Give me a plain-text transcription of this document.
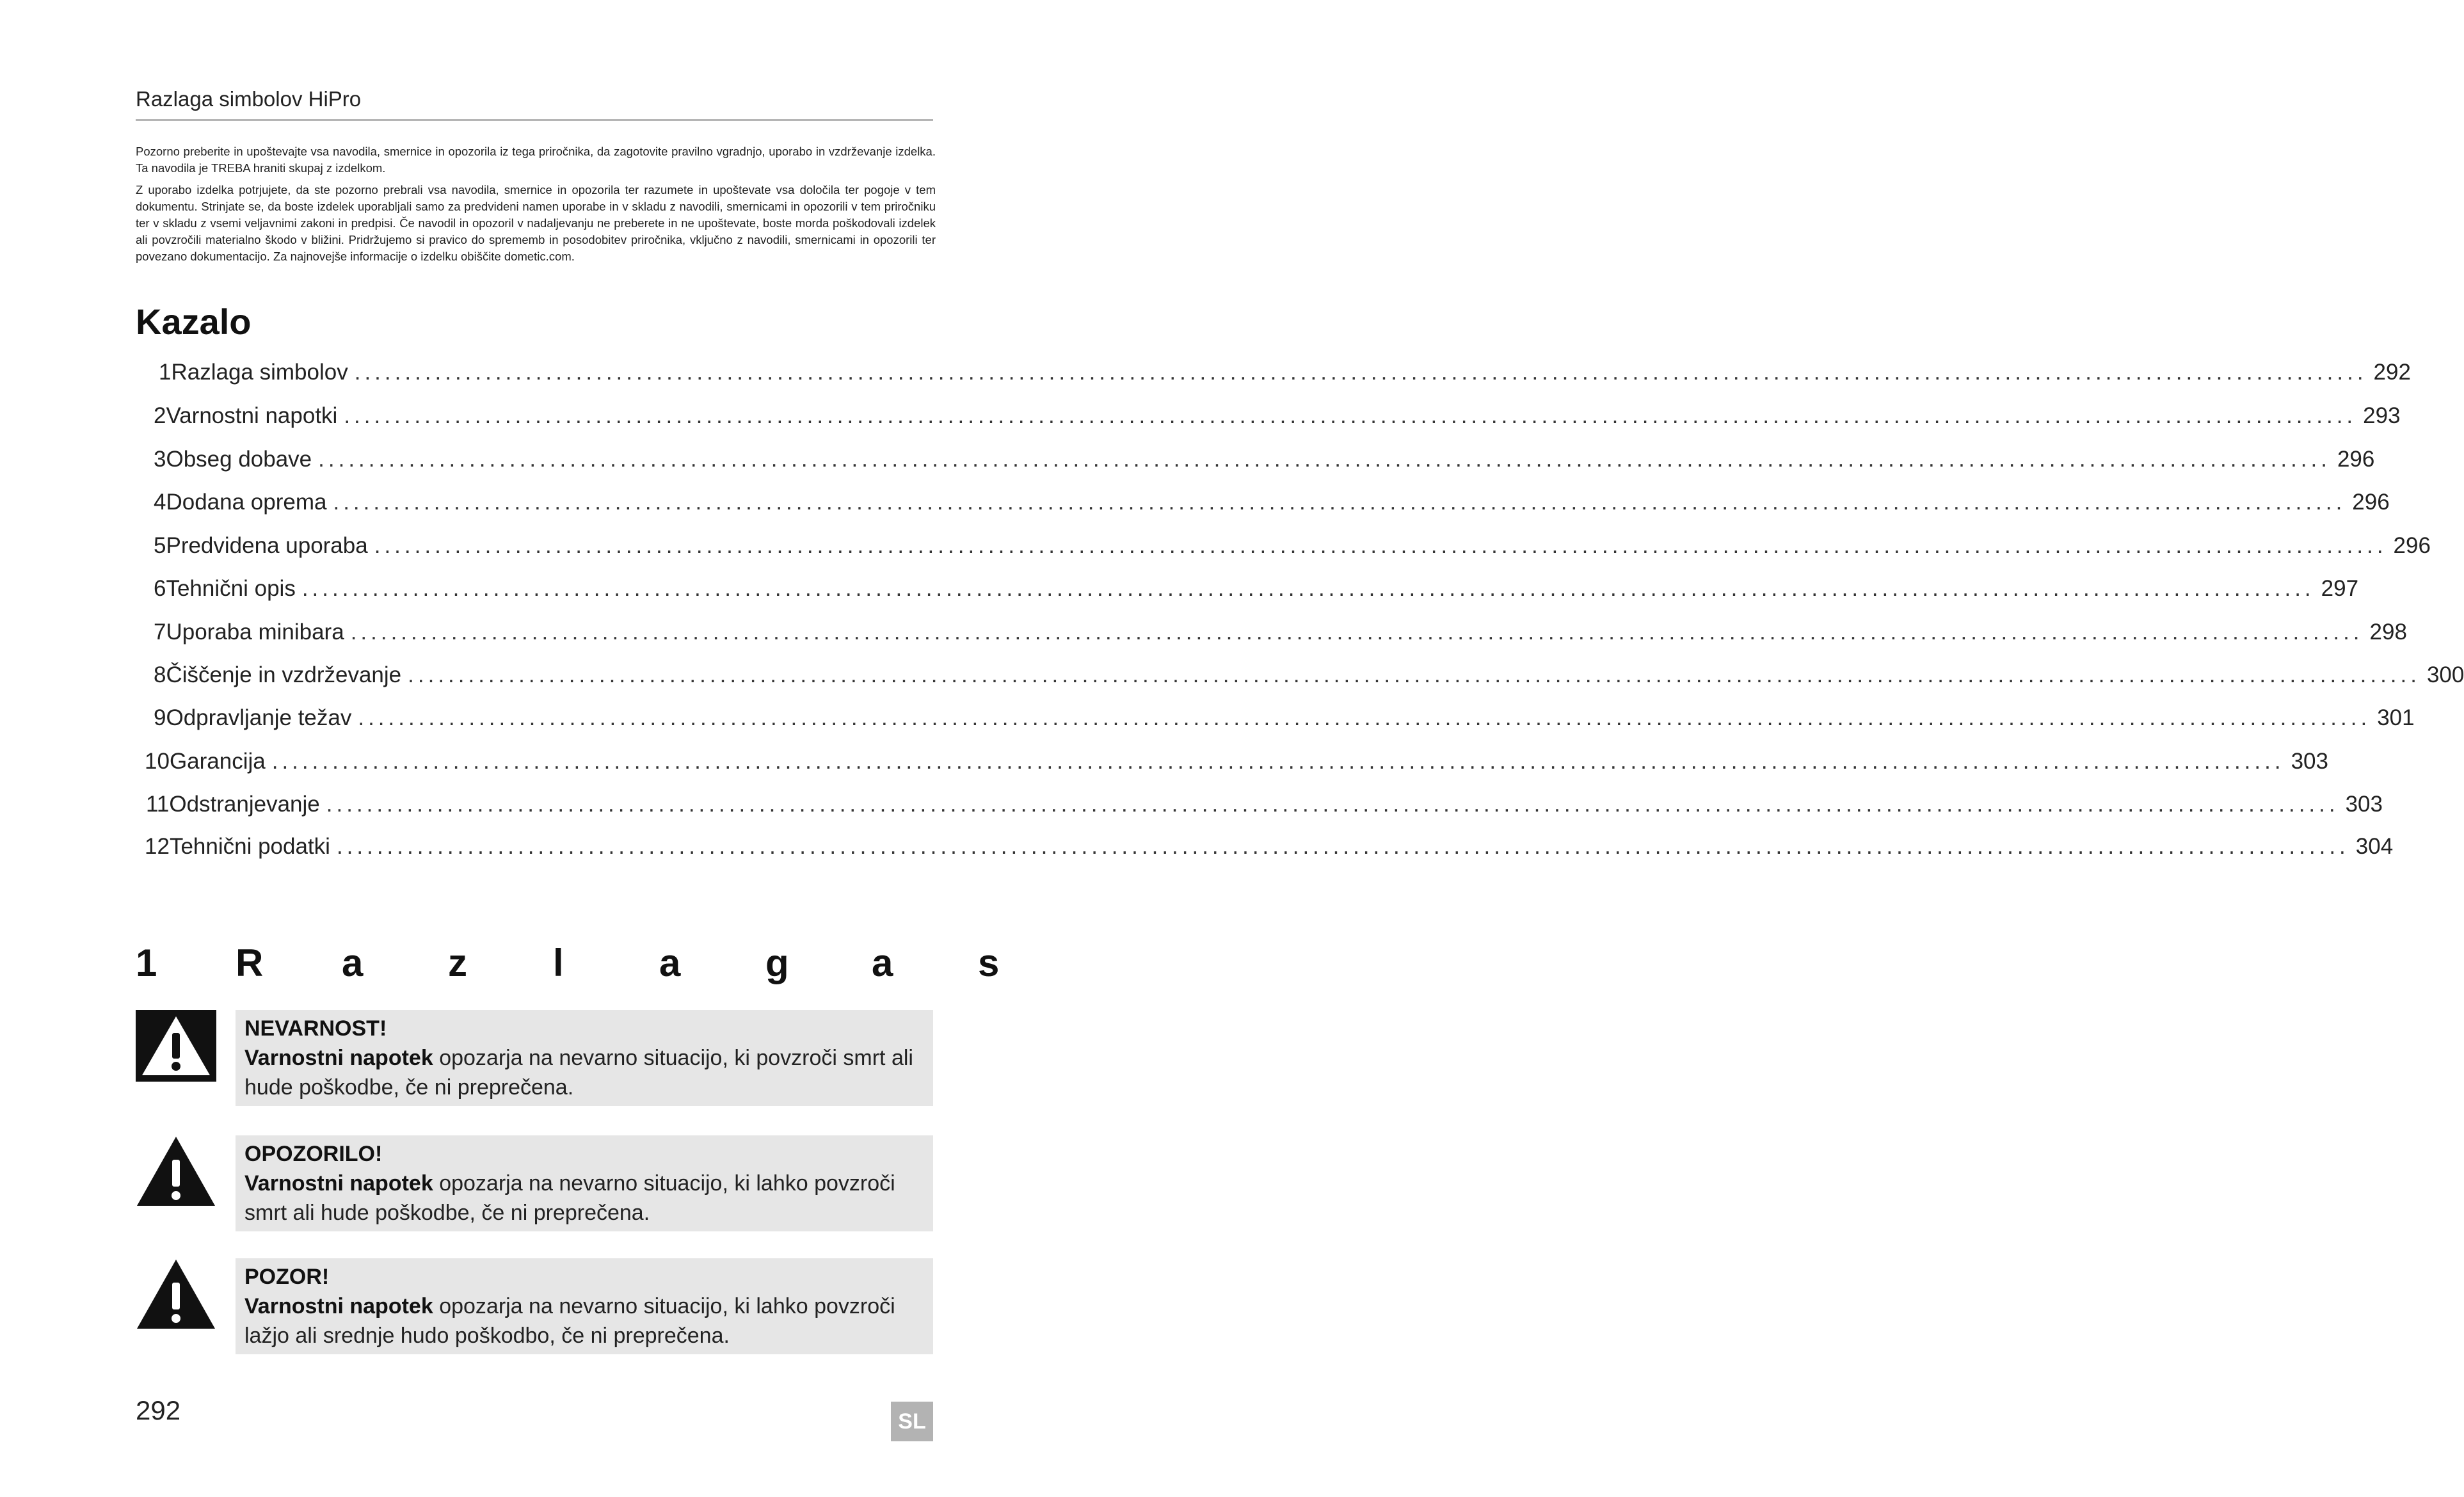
Razlaga simbolov HiPro

Pozorno preberite in upoštevajte vsa navodila, smernice in opozorila iz tega priročnika, da zagotovite pravilno vgradnjo, uporabo in vzdrževanje izdelka. Ta navodila je TREBA hraniti skupaj z izdelkom.

Z uporabo izdelka potrjujete, da ste pozorno prebrali vsa navodila, smernice in opozorila ter razumete in upoštevate vsa določila ter pogoje v tem dokumentu. Strinjate se, da boste izdelek uporabljali samo za predvideni namen uporabe in v skladu z navodili, smernicami in opozorili v tem priročniku ter v skladu z vsemi veljavnimi zakoni in predpisi. Če navodil in opozoril v nadaljevanju ne preberete in ne upoštevate, boste morda poškodovali izdelek ali povzročili materialno škodo v bližini. Pridržujemo si pravico do sprememb in posodobitev priročnika, vključno z navodili, smernicami in opozorili ter povezano dokumentacijo. Za najnovejše informacije o izdelku obiščite dometic.com.

Kazalo
1 Razlaga simbolov ........................................................................................................................................................................................................ 292
2 Varnostni napotki ........................................................................................................................................................................................................ 293
3 Obseg dobave ........................................................................................................................................................................................................ 296
4 Dodana oprema ........................................................................................................................................................................................................ 296
5 Predvidena uporaba ........................................................................................................................................................................................................ 296
6 Tehnični opis ........................................................................................................................................................................................................ 297
7 Uporaba minibara ........................................................................................................................................................................................................ 298
8 Čiščenje in vzdrževanje ........................................................................................................................................................................................................ 300
9 Odpravljanje težav ........................................................................................................................................................................................................ 301
10 Garancija ........................................................................................................................................................................................................ 303
11 Odstranjevanje ........................................................................................................................................................................................................ 303
12 Tehnični podatki ........................................................................................................................................................................................................ 304
1 R a z l a g a s
NEVARNOST!
Varnostni napotek opozarja na nevarno situacijo, ki povzroči smrt ali hude poškodbe, če ni preprečena.
OPOZORILO!
Varnostni napotek opozarja na nevarno situacijo, ki lahko povzroči smrt ali hude poškodbe, če ni preprečena.
POZOR!
Varnostni napotek opozarja na nevarno situacijo, ki lahko povzroči lažjo ali srednje hudo poškodbo, če ni preprečena.
292	SL
